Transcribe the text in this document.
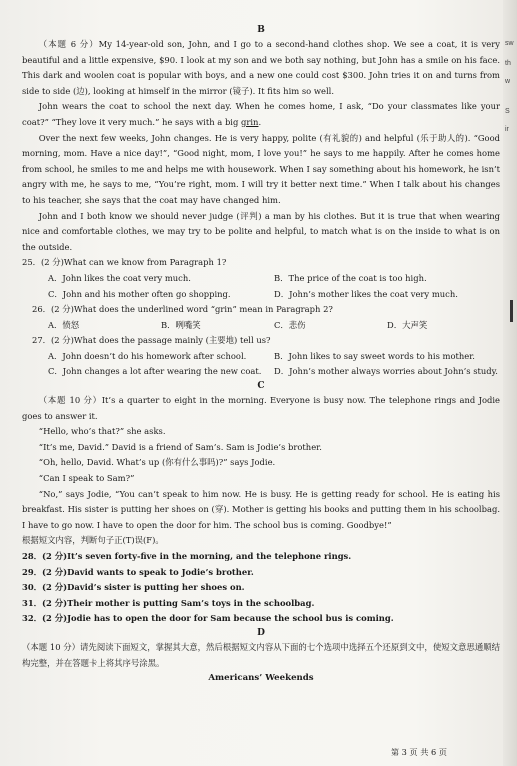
sw
th
w
S
ir
B

（本题 6 分）My 14-year-old son, John, and I go to a second-hand clothes shop. We see a coat, it is very beautiful and a little expensive, $90. I look at my son and we both say nothing, but John has a smile on his face. This dark and woolen coat is popular with boys, and a new one could cost $300. John tries it on and turns from side to side (边), looking at himself in the mirror (镜子). It fits him so well.

John wears the coat to school the next day. When he comes home, I ask, “Do your classmates like your coat?” “They love it very much.” he says with a big grin.

Over the next few weeks, John changes. He is very happy, polite (有礼貌的) and helpful (乐于助人的). “Good morning, mom. Have a nice day!”, “Good night, mom, I love you!” he says to me happily. After he comes home from school, he smiles to me and helps me with housework. When I say something about his homework, he isn’t angry with me, he says to me, “You’re right, mom. I will try it better next time.” When I talk about his changes to his teacher, she says that the coat may have changed him.

John and I both know we should never judge (评判) a man by his clothes. But it is true that when wearing nice and comfortable clothes, we may try to be polite and helpful, to match what is on the inside to what is on the outside.

25．(2 分)What can we know from Paragraph 1?

A．John likes the coat very much.	B．The price of the coat is too high.
C．John and his mother often go shopping.	D．John’s mother likes the coat very much.

26．(2 分)What does the underlined word “grin” mean in Paragraph 2?

A．愤怒	B．咧嘴笑	C．悲伤	D．大声笑

27．(2 分)What does the passage mainly (主要地) tell us?

A．John doesn’t do his homework after school.	B．John likes to say sweet words to his mother.
C．John changes a lot after wearing the new coat.	D．John’s mother always worries about John’s study.
C

（本题 10 分）It’s a quarter to eight in the morning. Everyone is busy now. The telephone rings and Jodie goes to answer it.

“Hello, who’s that?” she asks.

“It’s me, David.” David is a friend of Sam’s. Sam is Jodie’s brother.

“Oh, hello, David. What’s up (你有什么事吗)?” says Jodie.

“Can I speak to Sam?”

“No,” says Jodie, “You can’t speak to him now. He is busy. He is getting ready for school. He is eating his breakfast. His sister is putting her shoes on (穿). Mother is getting his books and putting them in his schoolbag. I have to go now. I have to open the door for him. The school bus is coming. Goodbye!”

根据短文内容，判断句子正(T)误(F)。

28．(2 分)It’s seven forty-five in the morning, and the telephone rings.

29．(2 分)David wants to speak to Jodie’s brother.

30．(2 分)David’s sister is putting her shoes on.

31．(2 分)Their mother is putting Sam’s toys in the schoolbag.

32．(2 分)Jodie has to open the door for Sam because the school bus is coming.

D

（本题 10 分）请先阅读下面短文，掌握其大意，然后根据短文内容从下面的七个选项中选择五个还原到文中，使短文意思通顺结构完整，并在答题卡上将其序号涂黑。

Americans’ Weekends
第 3 页 共 6 页
